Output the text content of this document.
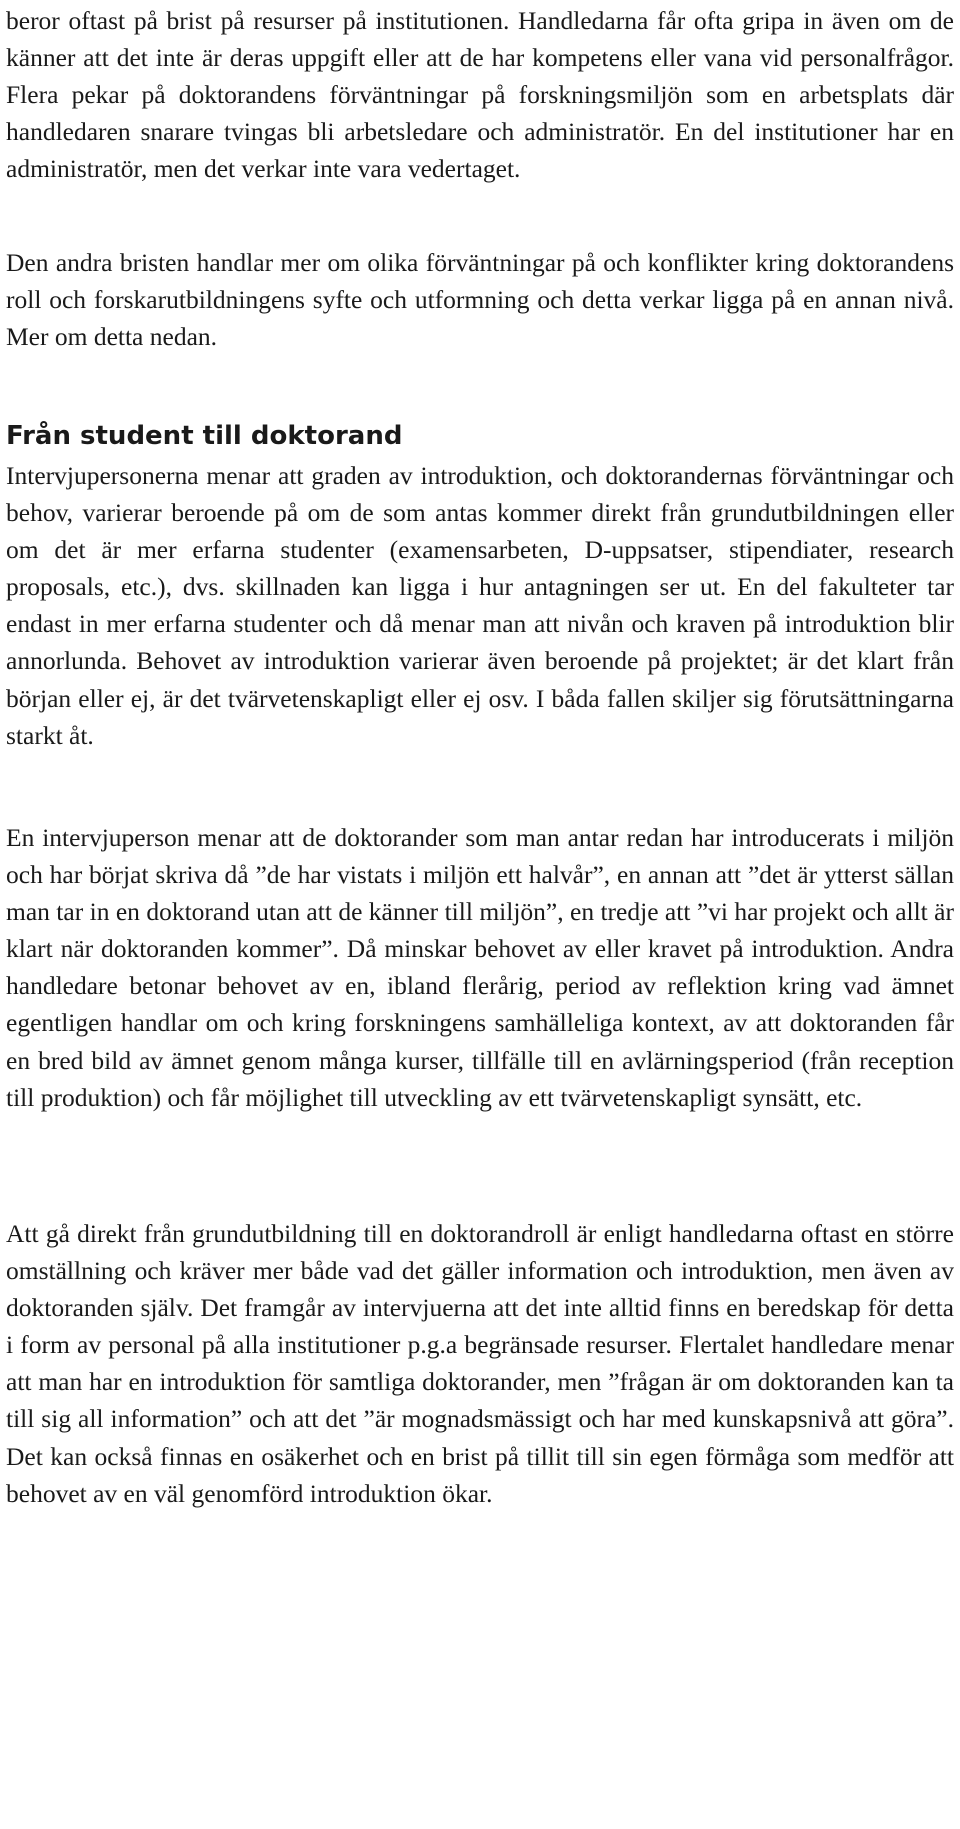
beror oftast på brist på resurser på institutionen. Handledarna får ofta gripa in även om de känner att det inte är deras uppgift eller att de har kompetens eller vana vid personalfrågor. Flera pekar på doktorandens förväntningar på forskningsmiljön som en arbetsplats där handledaren snarare tvingas bli arbetsledare och administratör. En del institutioner har en administratör, men det verkar inte vara vedertaget.

Den andra bristen handlar mer om olika förväntningar på och konflikter kring doktorandens roll och forskarutbildningens syfte och utformning och detta verkar ligga på en annan nivå. Mer om detta nedan.

Från student till doktorand

Intervjupersonerna menar att graden av introduktion, och doktorandernas förväntningar och behov, varierar beroende på om de som antas kommer direkt från grundutbildningen eller om det är mer erfarna studenter (examensarbeten, D-uppsatser, stipendiater, research proposals, etc.), dvs. skillnaden kan ligga i hur antagningen ser ut. En del fakulteter tar endast in mer erfarna studenter och då menar man att nivån och kraven på introduktion blir annorlunda. Behovet av introduktion varierar även beroende på projektet; är det klart från början eller ej, är det tvärvetenskapligt eller ej osv. I båda fallen skiljer sig förutsättningarna starkt åt.

En intervjuperson menar att de doktorander som man antar redan har introducerats i miljön och har börjat skriva då ”de har vistats i miljön ett halvår”, en annan att ”det är ytterst sällan man tar in en doktorand utan att de känner till miljön”, en tredje att ”vi har projekt och allt är klart när doktoranden kommer”. Då minskar behovet av eller kravet på introduktion. Andra handledare betonar behovet av en, ibland flerårig, period av reflektion kring vad ämnet egentligen handlar om och kring forskningens samhälleliga kontext, av att doktoranden får en bred bild av ämnet genom många kurser, tillfälle till en avlärningsperiod (från reception till produktion) och får möjlighet till utveckling av ett tvärvetenskapligt synsätt, etc.

Att gå direkt från grundutbildning till en doktorandroll är enligt handledarna oftast en större omställning och kräver mer både vad det gäller information och introduktion, men även av doktoranden själv. Det framgår av intervjuerna att det inte alltid finns en beredskap för detta i form av personal på alla institutioner p.g.a begränsade resurser. Flertalet handledare menar att man har en introduktion för samtliga doktorander, men ”frågan är om doktoranden kan ta till sig all information” och att det ”är mognadsmässigt och har med kunskapsnivå att göra”. Det kan också finnas en osäkerhet och en brist på tillit till sin egen förmåga som medför att behovet av en väl genomförd introduktion ökar.
